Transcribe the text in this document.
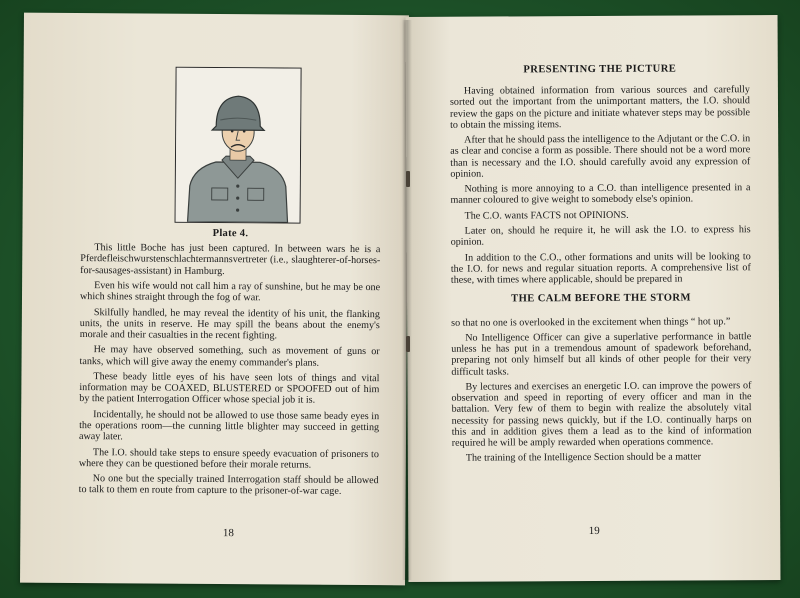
Plate 4.

This little Boche has just been captured. In between wars he is a Pferdefleischwurstenschlachtermannsvertreter (i.e., slaughterer-of-horses-for-sausages-assistant) in Hamburg.

Even his wife would not call him a ray of sunshine, but he may be one which shines straight through the fog of war.

Skilfully handled, he may reveal the identity of his unit, the flanking units, the units in reserve. He may spill the beans about the enemy's morale and their casualties in the recent fighting.

He may have observed something, such as movement of guns or tanks, which will give away the enemy commander's plans.

These beady little eyes of his have seen lots of things and vital information may be COAXED, BLUSTERED or SPOOFED out of him by the patient Interrogation Officer whose special job it is.

Incidentally, he should not be allowed to use those same beady eyes in the operations room—the cunning little blighter may succeed in getting away later.

The I.O. should take steps to ensure speedy evacuation of prisoners to where they can be questioned before their morale returns.

No one but the specially trained Interrogation staff should be allowed to talk to them en route from capture to the prisoner-of-war cage.

18
PRESENTING THE PICTURE

Having obtained information from various sources and carefully sorted out the important from the unimportant matters, the I.O. should review the gaps on the picture and initiate whatever steps may be possible to obtain the missing items.

After that he should pass the intelligence to the Adjutant or the C.O. in as clear and concise a form as possible. There should not be a word more than is necessary and the I.O. should carefully avoid any expression of opinion.

Nothing is more annoying to a C.O. than intelligence presented in a manner coloured to give weight to somebody else's opinion.

The C.O. wants FACTS not OPINIONS.

Later on, should he require it, he will ask the I.O. to express his opinion.

In addition to the C.O., other formations and units will be looking to the I.O. for news and regular situation reports. A comprehensive list of these, with times where applicable, should be prepared in

THE CALM BEFORE THE STORM

so that no one is overlooked in the excitement when things “ hot up.”

No Intelligence Officer can give a superlative performance in battle unless he has put in a tremendous amount of spadework beforehand, preparing not only himself but all kinds of other people for their very difficult tasks.

By lectures and exercises an energetic I.O. can improve the powers of observation and speed in reporting of every officer and man in the battalion. Very few of them to begin with realize the absolutely vital necessity for passing news quickly, but if the I.O. continually harps on this and in addition gives them a lead as to the kind of information required he will be amply rewarded when operations commence.

The training of the Intelligence Section should be a matter

19
